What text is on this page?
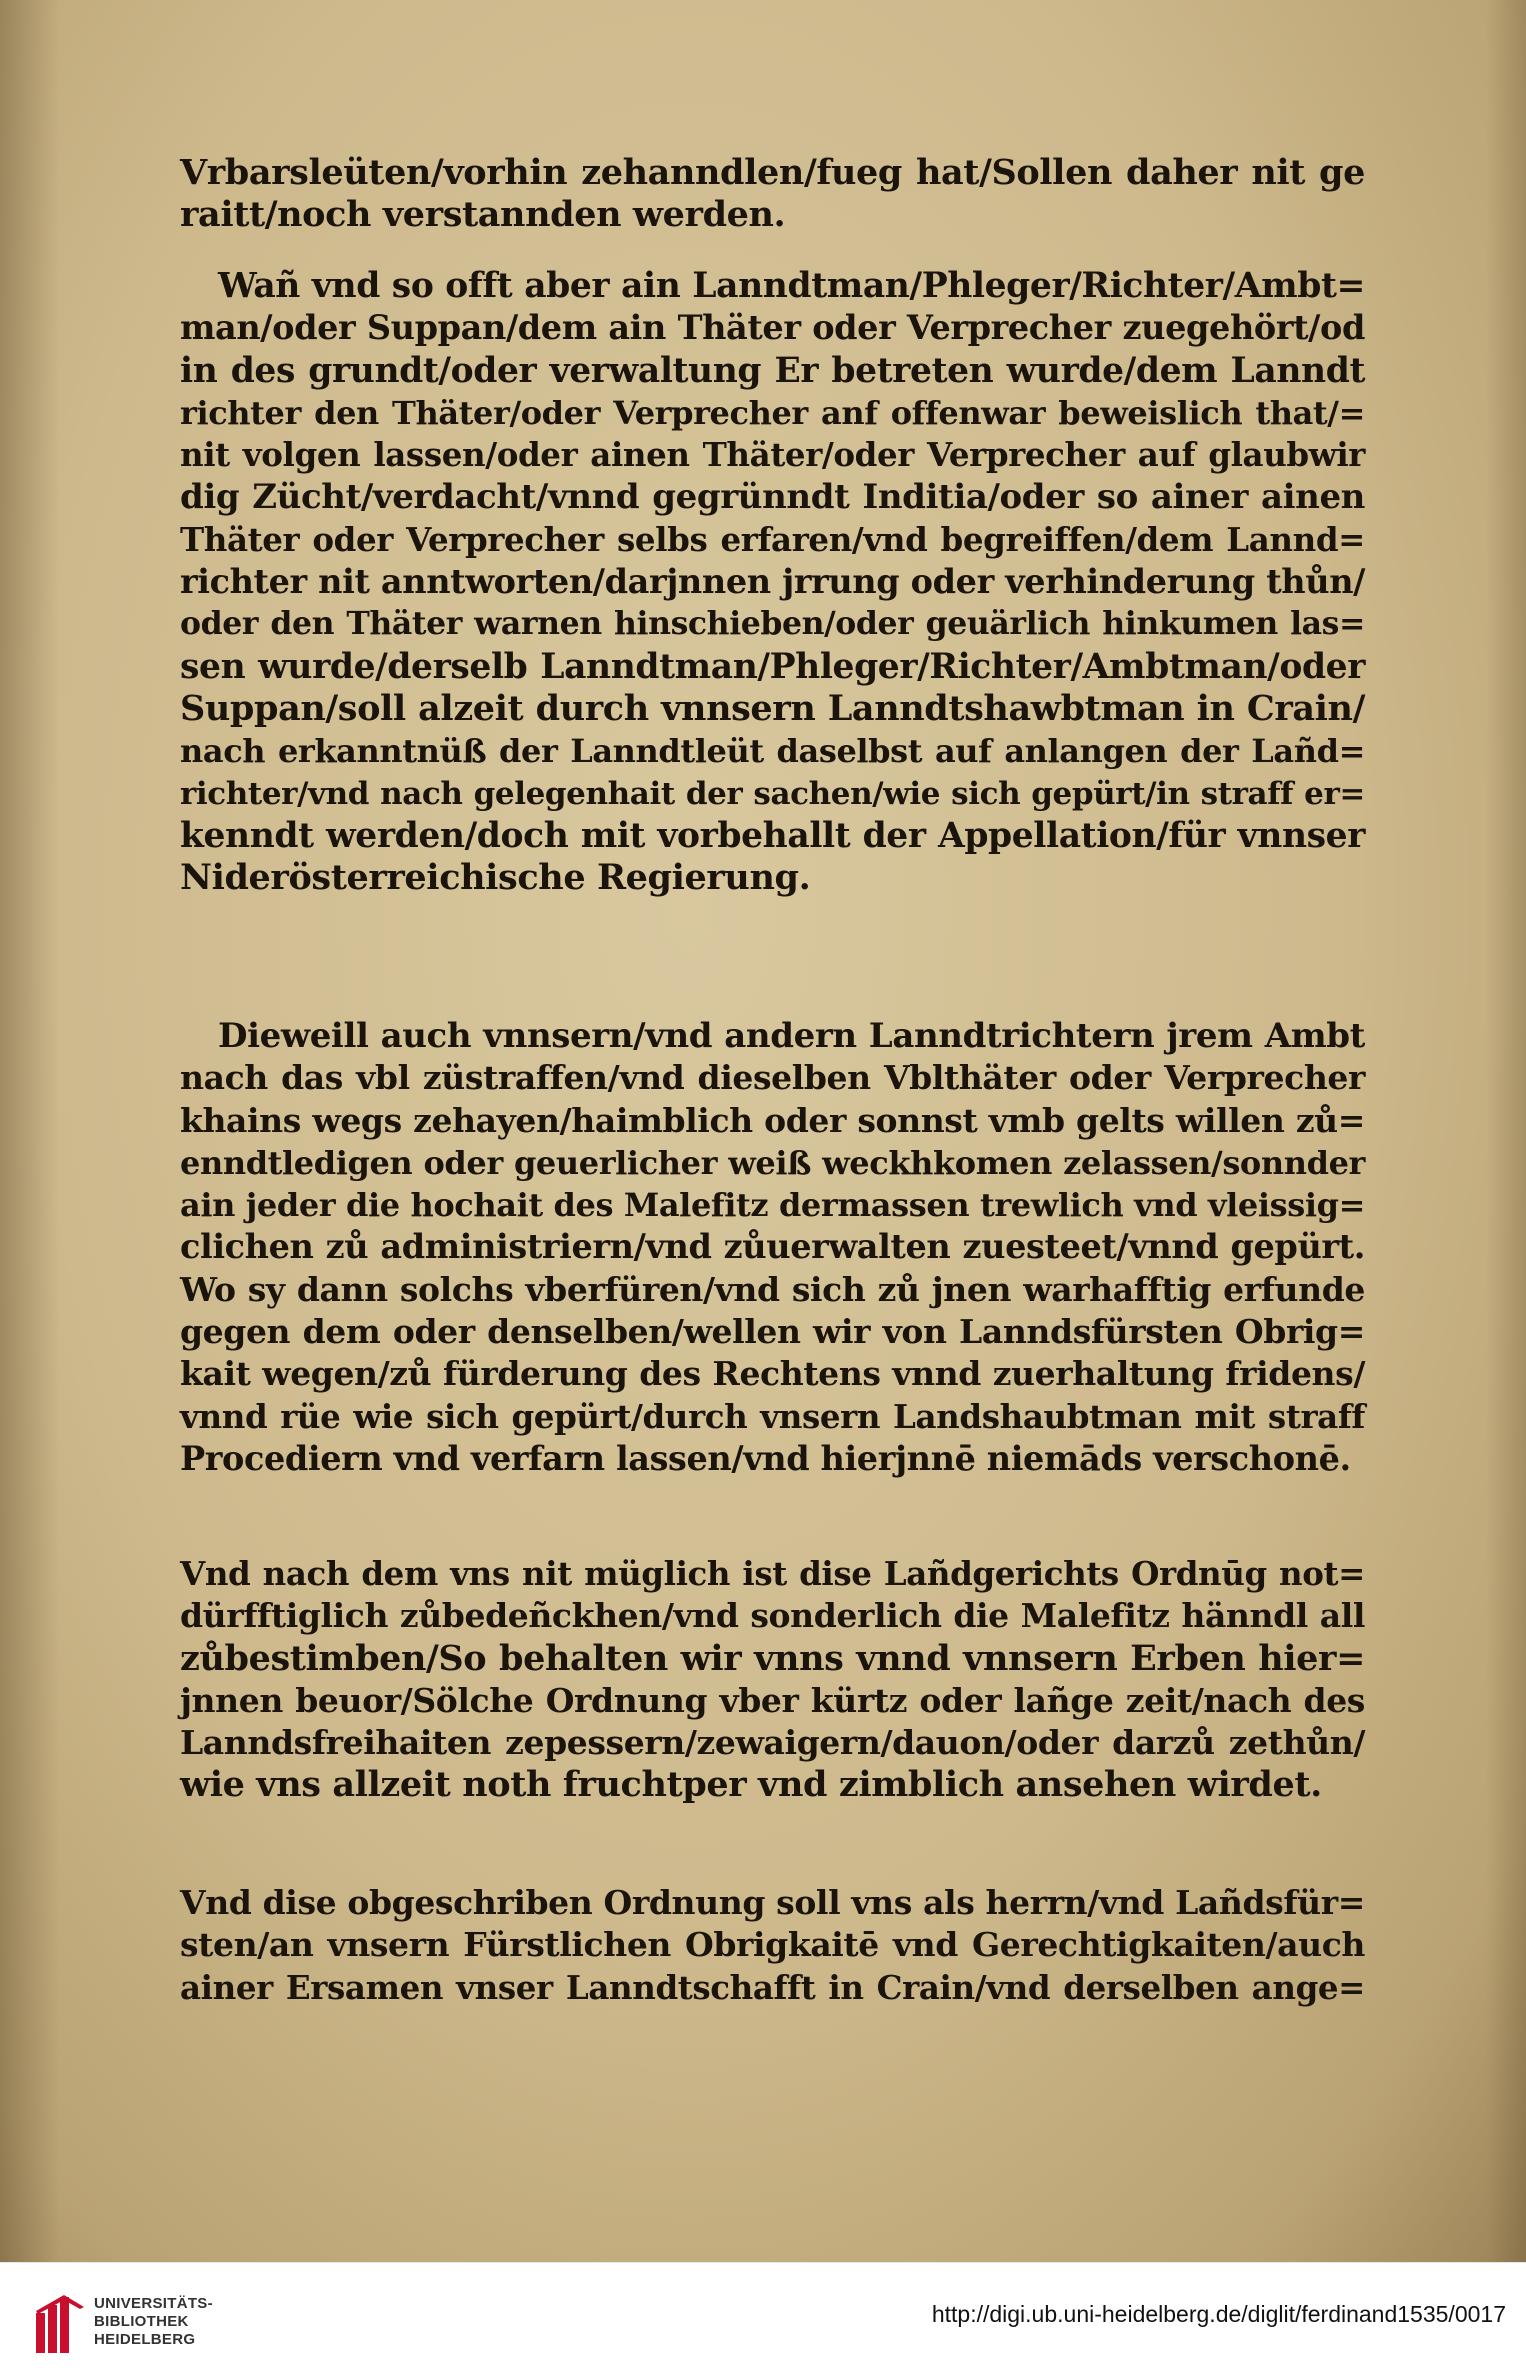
Vrbarsleüten/vorhin zehanndlen/fueg hat/Sollen daher nit ge
raitt/noch verstannden werden.
Wañ vnd so offt aber ain Lanndtman/Phleger/Richter/Ambt=
man/oder Suppan/dem ain Thäter oder Verprecher zuegehört/od
in des grundt/oder verwaltung Er betreten wurde/dem Lanndt
richter den Thäter/oder Verprecher anf offenwar beweislich that/=
nit volgen lassen/oder ainen Thäter/oder Verprecher auf glaubwir
dig Zücht/verdacht/vnnd gegrünndt Inditia/oder so ainer ainen
Thäter oder Verprecher selbs erfaren/vnd begreiffen/dem Lannd=
richter nit anntworten/darjnnen jrrung oder verhinderung thůn/
oder den Thäter warnen hinschieben/oder geuärlich hinkumen las=
sen wurde/derselb Lanndtman/Phleger/Richter/Ambtman/oder
Suppan/soll alzeit durch vnnsern Lanndtshawbtman in Crain/
nach erkanntnüß der Lanndtleüt daselbst auf anlangen der Lañd=
richter/vnd nach gelegenhait der sachen/wie sich gepürt/in straff er=
kenndt werden/doch mit vorbehallt der Appellation/für vnnser
Niderösterreichische Regierung.
Dieweill auch vnnsern/vnd andern Lanndtrichtern jrem Ambt
nach das vbl züstraffen/vnd dieselben Vblthäter oder Verprecher
khains wegs zehayen/haimblich oder sonnst vmb gelts willen zů=
enndtledigen oder geuerlicher weiß weckhkomen zelassen/sonnder
ain jeder die hochait des Malefitz dermassen trewlich vnd vleissig=
clichen zů administriern/vnd zůuerwalten zuesteet/vnnd gepürt.
Wo sy dann solchs vberfüren/vnd sich zů jnen warhafftig erfunde
gegen dem oder denselben/wellen wir von Lanndsfürsten Obrig=
kait wegen/zů fürderung des Rechtens vnnd zuerhaltung fridens/
vnnd rüe wie sich gepürt/durch vnsern Landshaubtman mit straff
Procediern vnd verfarn lassen/vnd hierjnnē niemāds verschonē.
Vnd nach dem vns nit müglich ist dise Lañdgerichts Ordnūg not=
dürfftiglich zůbedeñckhen/vnd sonderlich die Malefitz hänndl all
zůbestimben/So behalten wir vnns vnnd vnnsern Erben hier=
jnnen beuor/Sölche Ordnung vber kürtz oder lañge zeit/nach des
Lanndsfreihaiten zepessern/zewaigern/dauon/oder darzů zethůn/
wie vns allzeit noth fruchtper vnd zimblich ansehen wirdet.
Vnd dise obgeschriben Ordnung soll vns als herrn/vnd Lañdsfür=
sten/an vnsern Fürstlichen Obrigkaitē vnd Gerechtigkaiten/auch
ainer Ersamen vnser Lanndtschafft in Crain/vnd derselben ange=
UNIVERSITÄTS-
BIBLIOTHEK
HEIDELBERG
http://digi.ub.uni-heidelberg.de/diglit/ferdinand1535/0017
